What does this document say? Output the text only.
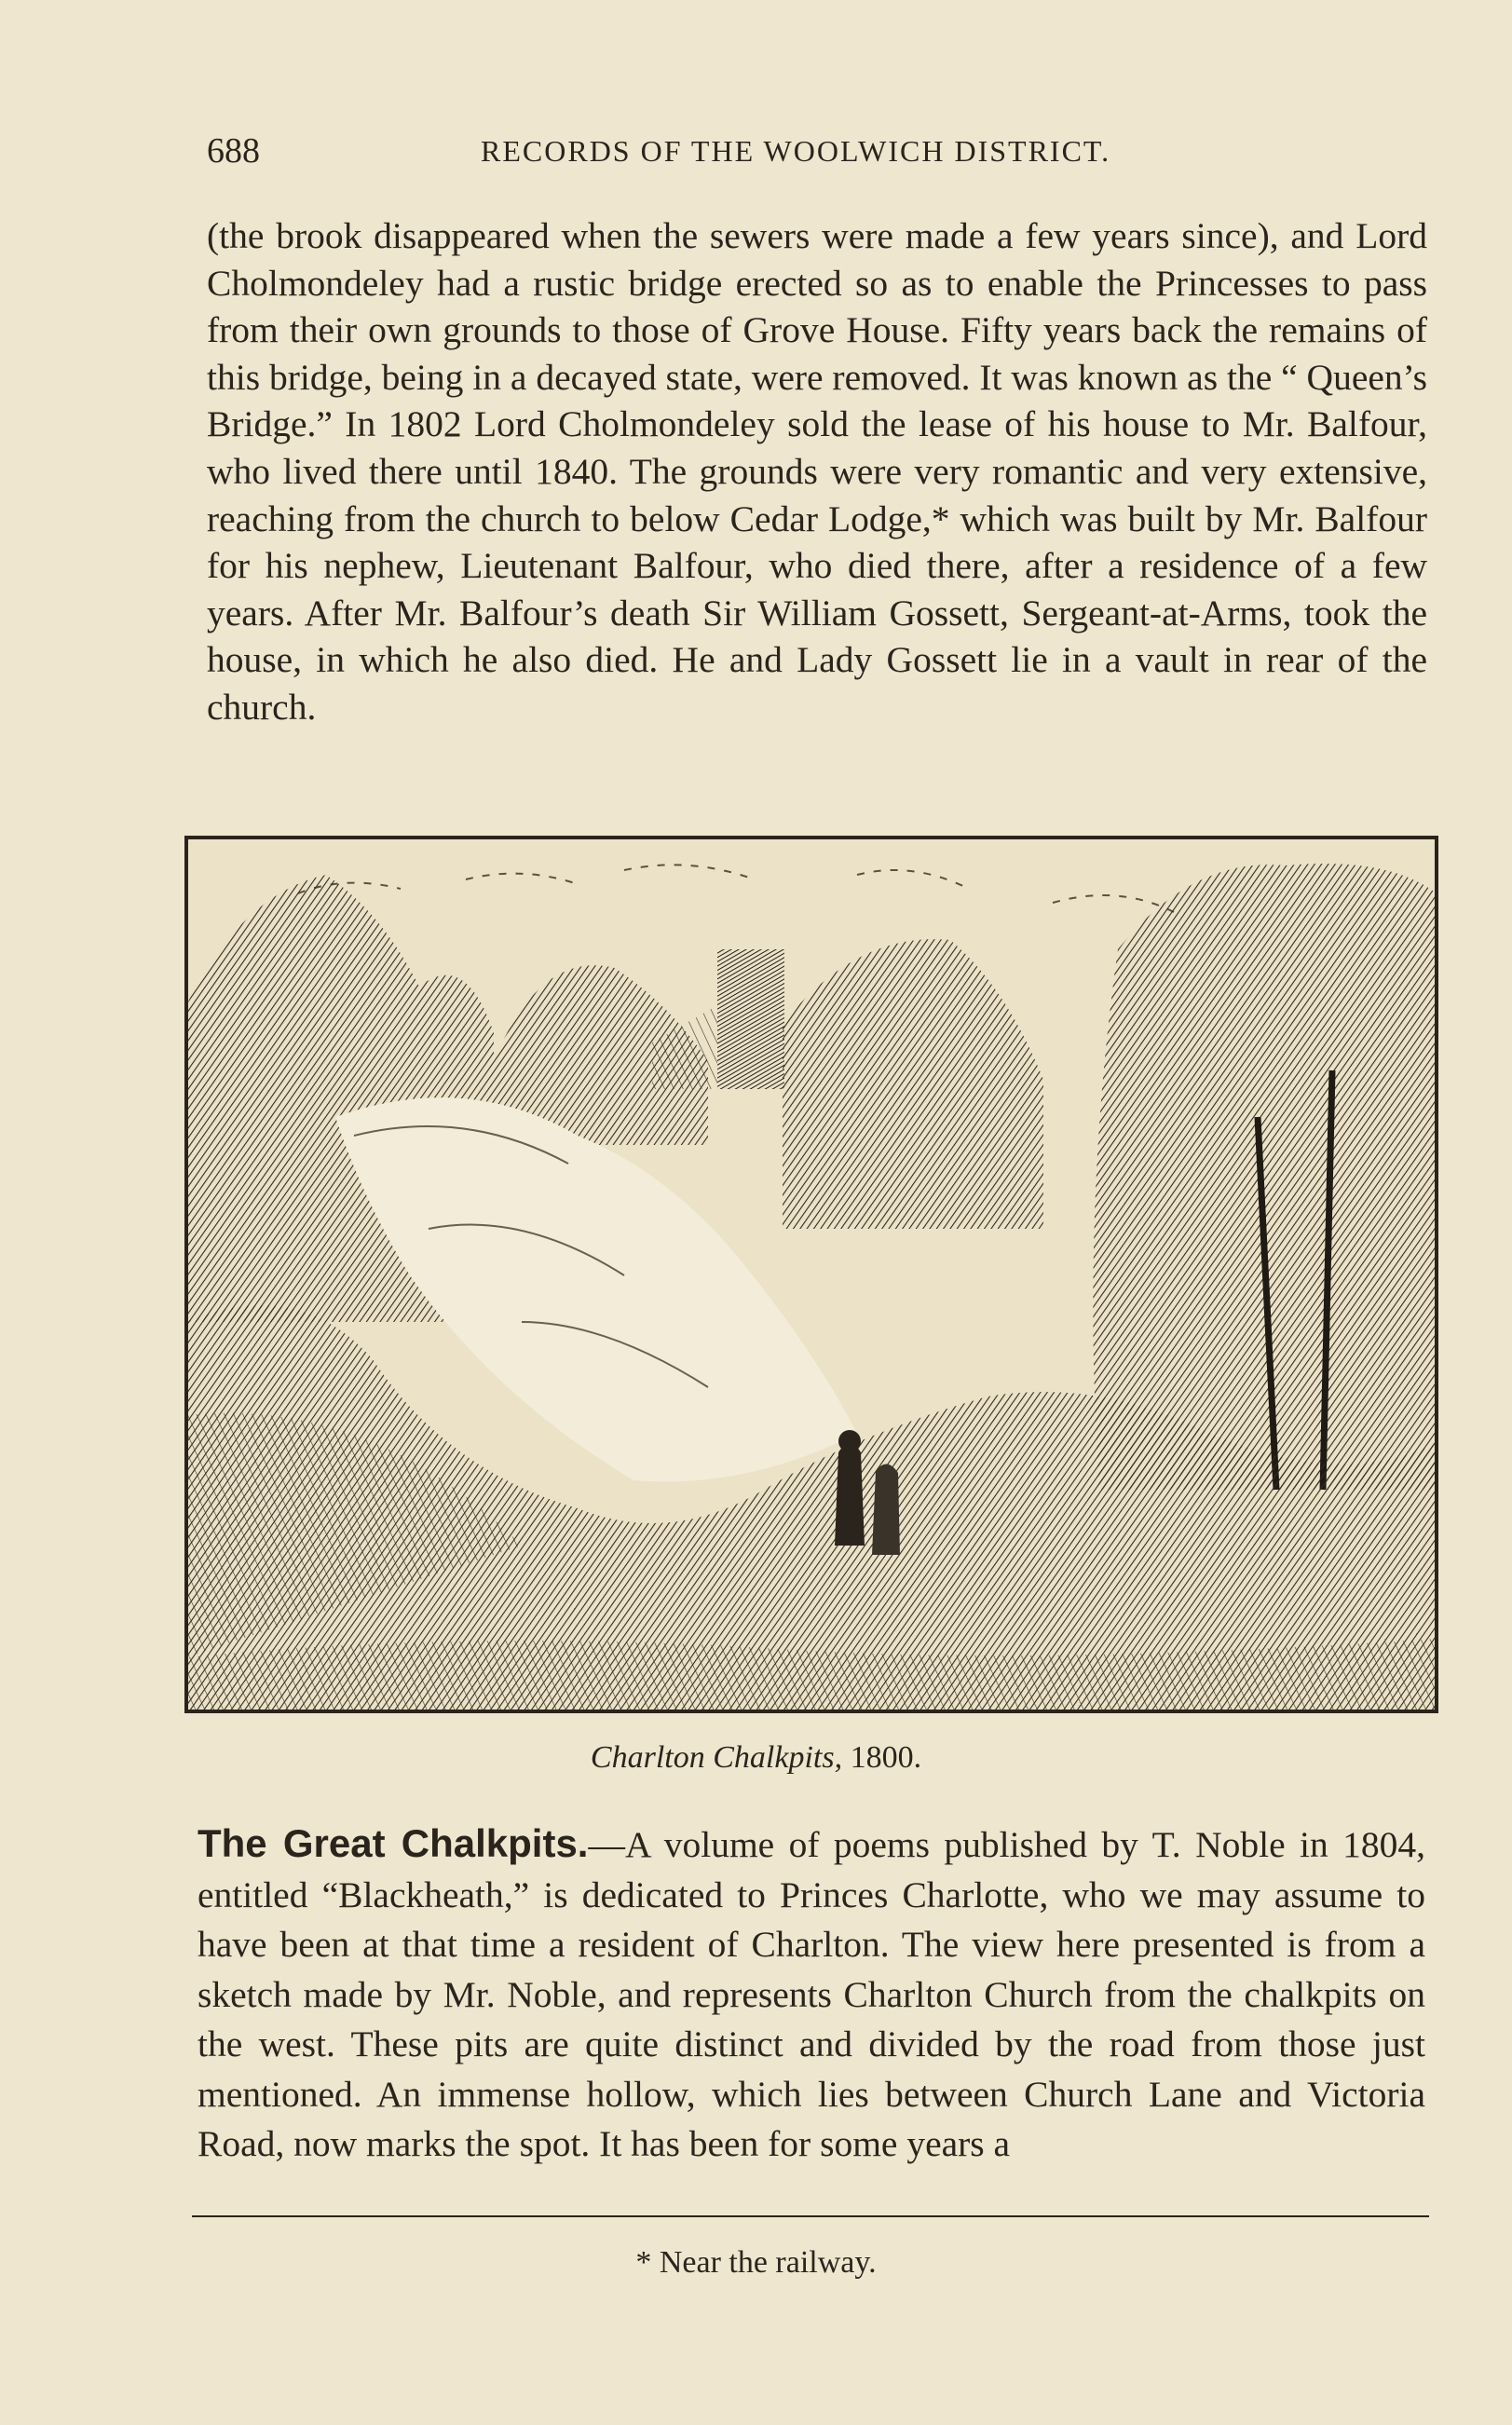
688	RECORDS OF THE WOOLWICH DISTRICT.

(the brook disappeared when the sewers were made a few years since), and Lord Cholmondeley had a rustic bridge erected so as to enable the Princesses to pass from their own grounds to those of Grove House. Fifty years back the remains of this bridge, being in a decayed state, were removed. It was known as the “ Queen’s Bridge.” In 1802 Lord Cholmondeley sold the lease of his house to Mr. Balfour, who lived there until 1840. The grounds were very romantic and very extensive, reaching from the church to below Cedar Lodge,* which was built by Mr. Balfour for his nephew, Lieutenant Balfour, who died there, after a residence of a few years. After Mr. Balfour’s death Sir William Gossett, Sergeant-at-Arms, took the house, in which he also died. He and Lady Gossett lie in a vault in rear of the church.

Charlton Chalkpits, 1800.

The Great Chalkpits.—A volume of poems published by T. Noble in 1804, entitled “Blackheath,” is dedicated to Princes Charlotte, who we may assume to have been at that time a resident of Charlton. The view here presented is from a sketch made by Mr. Noble, and represents Charlton Church from the chalkpits on the west. These pits are quite distinct and divided by the road from those just mentioned. An immense hollow, which lies between Church Lane and Victoria Road, now marks the spot. It has been for some years a

* Near the railway.
